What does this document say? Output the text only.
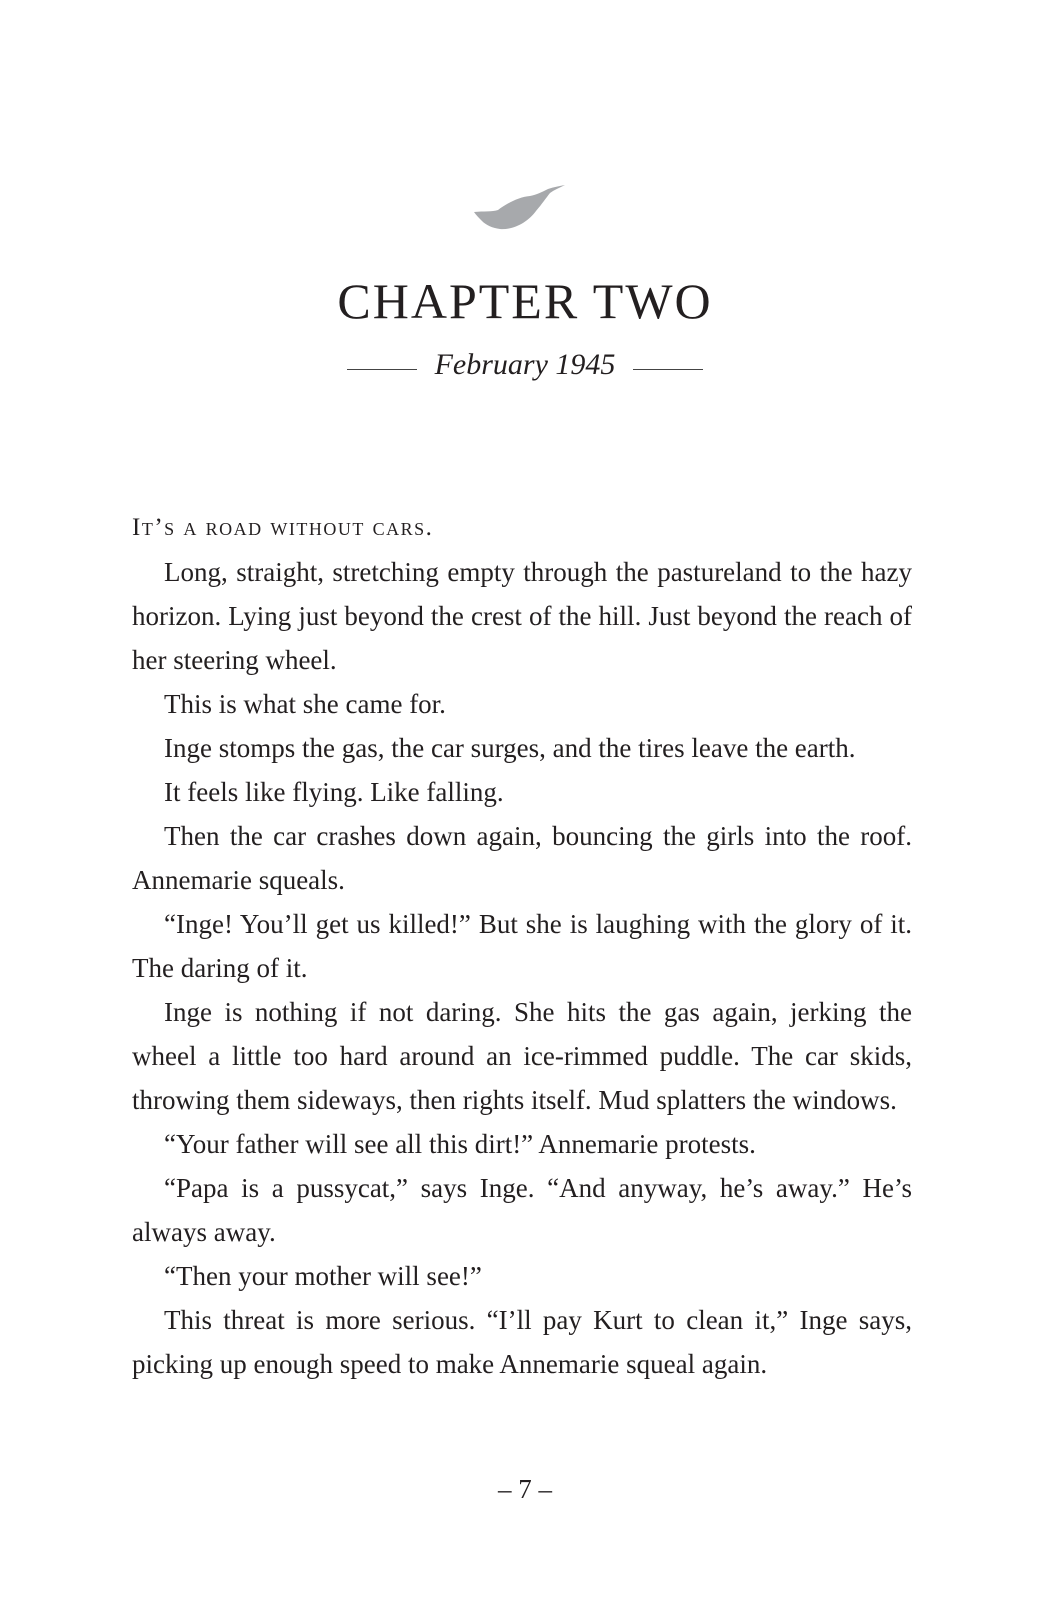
CHAPTER TWO
February 1945

It’s a road without cars.

Long, straight, stretching empty through the pastureland to the hazy horizon. Lying just beyond the crest of the hill. Just beyond the reach of her steering wheel.

This is what she came for.

Inge stomps the gas, the car surges, and the tires leave the earth.

It feels like flying. Like falling.

Then the car crashes down again, bouncing the girls into the roof. Annemarie squeals.

“Inge! You’ll get us killed!” But she is laughing with the glory of it. The daring of it.

Inge is nothing if not daring. She hits the gas again, jerking the wheel a little too hard around an ice-rimmed puddle. The car skids, throwing them sideways, then rights itself. Mud splatters the windows.

“Your father will see all this dirt!” Annemarie protests.

“Papa is a pussycat,” says Inge. “And anyway, he’s away.” He’s always away.

“Then your mother will see!”

This threat is more serious. “I’ll pay Kurt to clean it,” Inge says, picking up enough speed to make Annemarie squeal again.

– 7 –
